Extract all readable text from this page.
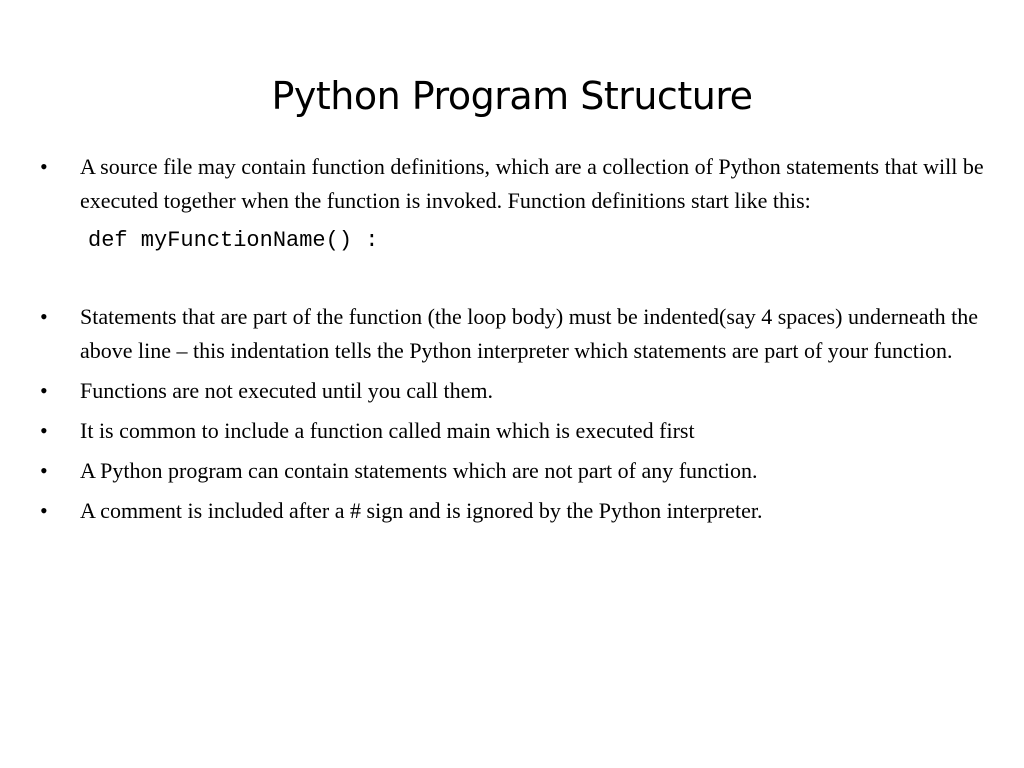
Python Program Structure
• A source file may contain function definitions, which are a collection of Python statements that will be executed together when the function is invoked. Function definitions start like this:
def myFunctionName() :
• Statements that are part of the function (the loop body) must be indented(say 4 spaces) underneath the above line – this indentation tells the Python interpreter which statements are part of your function.
• Functions are not executed until you call them.
• It is common to include a function called main which is executed first
• A Python program can contain statements which are not part of any function.
• A comment is included after a # sign and is ignored by the Python interpreter.
